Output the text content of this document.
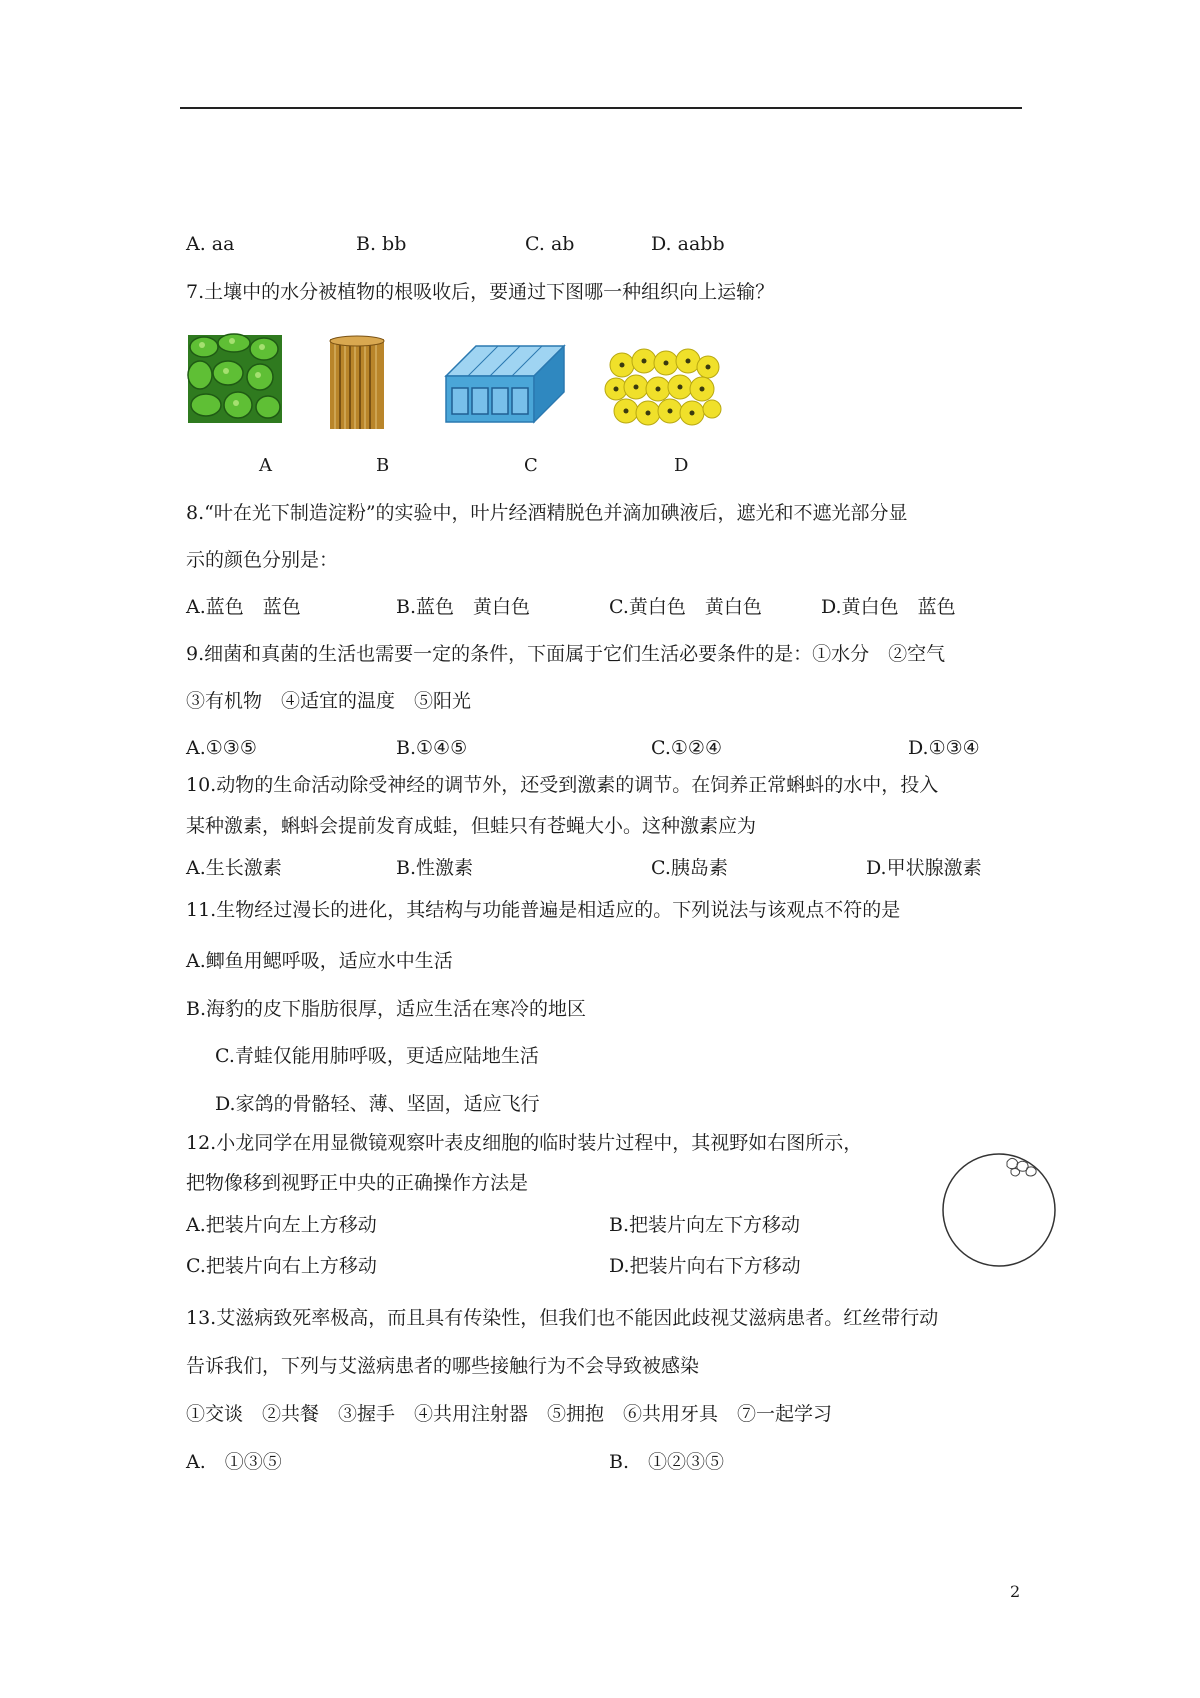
A. aa	B. bb	C. ab	D. aabb
7.土壤中的水分被植物的根吸收后，要通过下图哪一种组织向上运输？
A	B	C	D
8.“叶在光下制造淀粉”的实验中，叶片经酒精脱色并滴加碘液后，遮光和不遮光部分显
示的颜色分别是：
A.蓝色　蓝色	B.蓝色　黄白色	C.黄白色　黄白色	D.黄白色　蓝色
9.细菌和真菌的生活也需要一定的条件，下面属于它们生活必要条件的是：①水分　②空气
③有机物　④适宜的温度　⑤阳光
A.①③⑤	B.①④⑤	C.①②④	D.①③④
10.动物的生命活动除受神经的调节外，还受到激素的调节。在饲养正常蝌蚪的水中，投入
某种激素，蝌蚪会提前发育成蛙，但蛙只有苍蝇大小。这种激素应为
A.生长激素	B.性激素	C.胰岛素	D.甲状腺激素
11.生物经过漫长的进化，其结构与功能普遍是相适应的。下列说法与该观点不符的是
A.鲫鱼用鳃呼吸，适应水中生活
B.海豹的皮下脂肪很厚，适应生活在寒冷的地区
C.青蛙仅能用肺呼吸，更适应陆地生活
D.家鸽的骨骼轻、薄、坚固，适应飞行
12.小龙同学在用显微镜观察叶表皮细胞的临时装片过程中，其视野如右图所示，
把物像移到视野正中央的正确操作方法是
A.把装片向左上方移动	B.把装片向左下方移动
C.把装片向右上方移动	D.把装片向右下方移动
13.艾滋病致死率极高，而且具有传染性，但我们也不能因此歧视艾滋病患者。红丝带行动
告诉我们，下列与艾滋病患者的哪些接触行为不会导致被感染
①交谈　②共餐　③握手　④共用注射器　⑤拥抱　⑥共用牙具　⑦一起学习
A.　①③⑤	B.　①②③⑤
2
